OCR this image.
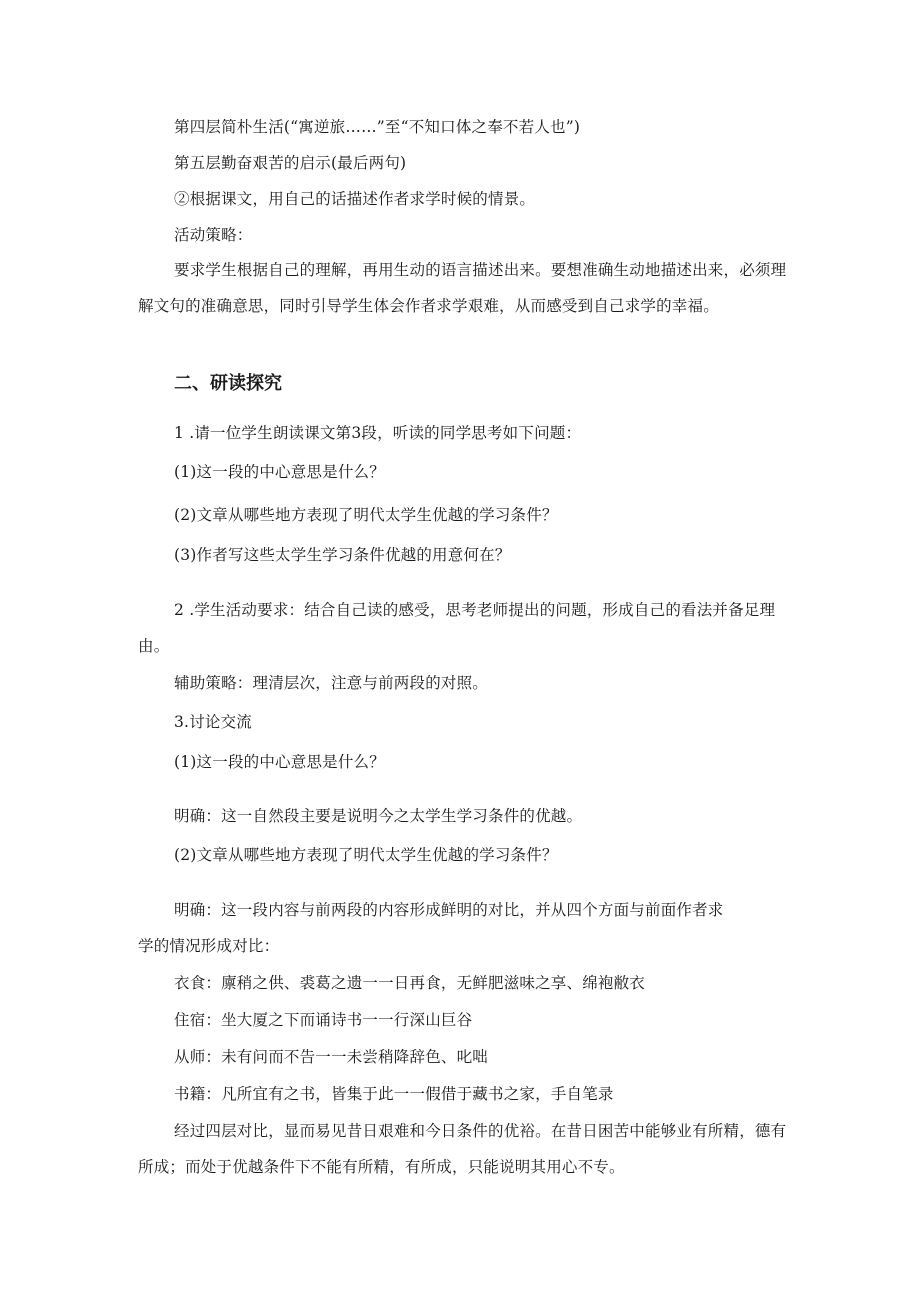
第四层简朴生活(“寓逆旅……”至“不知口体之奉不若人也”)
第五层勤奋艰苦的启示(最后两句)
②根据课文，用自己的话描述作者求学时候的情景。
活动策略：
要求学生根据自己的理解，再用生动的语言描述出来。要想准确生动地描述出来，必须理解文句的准确意思，同时引导学生体会作者求学艰难，从而感受到自己求学的幸福。
二、研读探究
1 .请一位学生朗读课文第3段，听读的同学思考如下问题：
(1)这一段的中心意思是什么？
(2)文章从哪些地方表现了明代太学生优越的学习条件？
(3)作者写这些太学生学习条件优越的用意何在？
2 .学生活动要求：结合自己读的感受，思考老师提出的问题，形成自己的看法并备足理由。
辅助策略：理清层次，注意与前两段的对照。
3.讨论交流
(1)这一段的中心意思是什么？
明确：这一自然段主要是说明今之太学生学习条件的优越。
(2)文章从哪些地方表现了明代太学生优越的学习条件？
明确：这一段内容与前两段的内容形成鲜明的对比，并从四个方面与前面作者求
学的情况形成对比：
衣食：廪稍之供、裘葛之遗一一日再食，无鲜肥滋味之享、绵袍敝衣
住宿：坐大厦之下而诵诗书一一行深山巨谷
从师：未有问而不告一一未尝稍降辞色、叱咄
书籍：凡所宜有之书，皆集于此一一假借于藏书之家，手自笔录
经过四层对比，显而易见昔日艰难和今日条件的优裕。在昔日困苦中能够业有所精，德有所成；而处于优越条件下不能有所精，有所成，只能说明其用心不专。
